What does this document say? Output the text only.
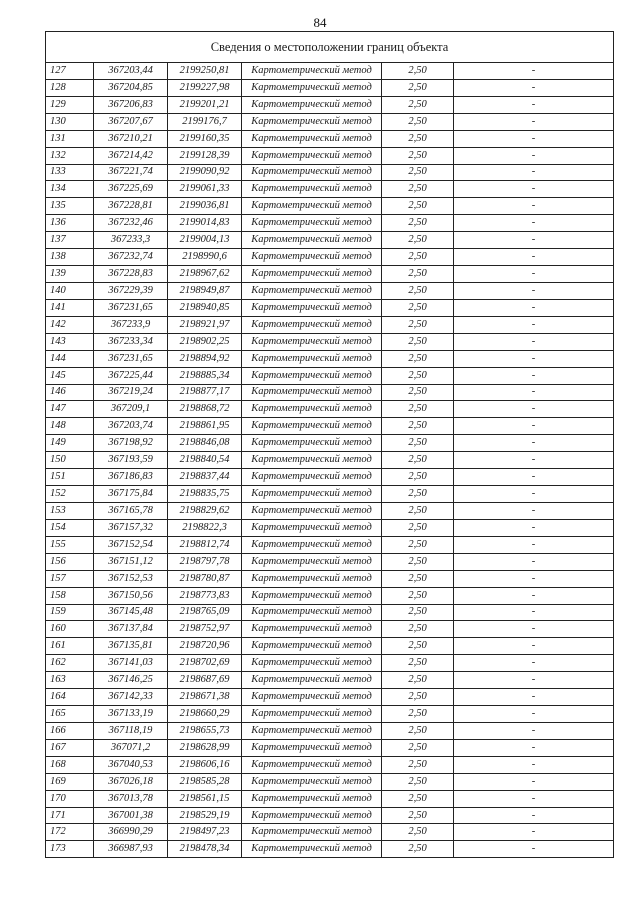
84
Сведения о местоположении границ объекта					
127	367203,44	2199250,81	Картометрический метод	2,50	-
128	367204,85	2199227,98	Картометрический метод	2,50	-
129	367206,83	2199201,21	Картометрический метод	2,50	-
130	367207,67	2199176,7	Картометрический метод	2,50	-
131	367210,21	2199160,35	Картометрический метод	2,50	-
132	367214,42	2199128,39	Картометрический метод	2,50	-
133	367221,74	2199090,92	Картометрический метод	2,50	-
134	367225,69	2199061,33	Картометрический метод	2,50	-
135	367228,81	2199036,81	Картометрический метод	2,50	-
136	367232,46	2199014,83	Картометрический метод	2,50	-
137	367233,3	2199004,13	Картометрический метод	2,50	-
138	367232,74	2198990,6	Картометрический метод	2,50	-
139	367228,83	2198967,62	Картометрический метод	2,50	-
140	367229,39	2198949,87	Картометрический метод	2,50	-
141	367231,65	2198940,85	Картометрический метод	2,50	-
142	367233,9	2198921,97	Картометрический метод	2,50	-
143	367233,34	2198902,25	Картометрический метод	2,50	-
144	367231,65	2198894,92	Картометрический метод	2,50	-
145	367225,44	2198885,34	Картометрический метод	2,50	-
146	367219,24	2198877,17	Картометрический метод	2,50	-
147	367209,1	2198868,72	Картометрический метод	2,50	-
148	367203,74	2198861,95	Картометрический метод	2,50	-
149	367198,92	2198846,08	Картометрический метод	2,50	-
150	367193,59	2198840,54	Картометрический метод	2,50	-
151	367186,83	2198837,44	Картометрический метод	2,50	-
152	367175,84	2198835,75	Картометрический метод	2,50	-
153	367165,78	2198829,62	Картометрический метод	2,50	-
154	367157,32	2198822,3	Картометрический метод	2,50	-
155	367152,54	2198812,74	Картометрический метод	2,50	-
156	367151,12	2198797,78	Картометрический метод	2,50	-
157	367152,53	2198780,87	Картометрический метод	2,50	-
158	367150,56	2198773,83	Картометрический метод	2,50	-
159	367145,48	2198765,09	Картометрический метод	2,50	-
160	367137,84	2198752,97	Картометрический метод	2,50	-
161	367135,81	2198720,96	Картометрический метод	2,50	-
162	367141,03	2198702,69	Картометрический метод	2,50	-
163	367146,25	2198687,69	Картометрический метод	2,50	-
164	367142,33	2198671,38	Картометрический метод	2,50	-
165	367133,19	2198660,29	Картометрический метод	2,50	-
166	367118,19	2198655,73	Картометрический метод	2,50	-
167	367071,2	2198628,99	Картометрический метод	2,50	-
168	367040,53	2198606,16	Картометрический метод	2,50	-
169	367026,18	2198585,28	Картометрический метод	2,50	-
170	367013,78	2198561,15	Картометрический метод	2,50	-
171	367001,38	2198529,19	Картометрический метод	2,50	-
172	366990,29	2198497,23	Картометрический метод	2,50	-
173	366987,93	2198478,34	Картометрический метод	2,50	-
